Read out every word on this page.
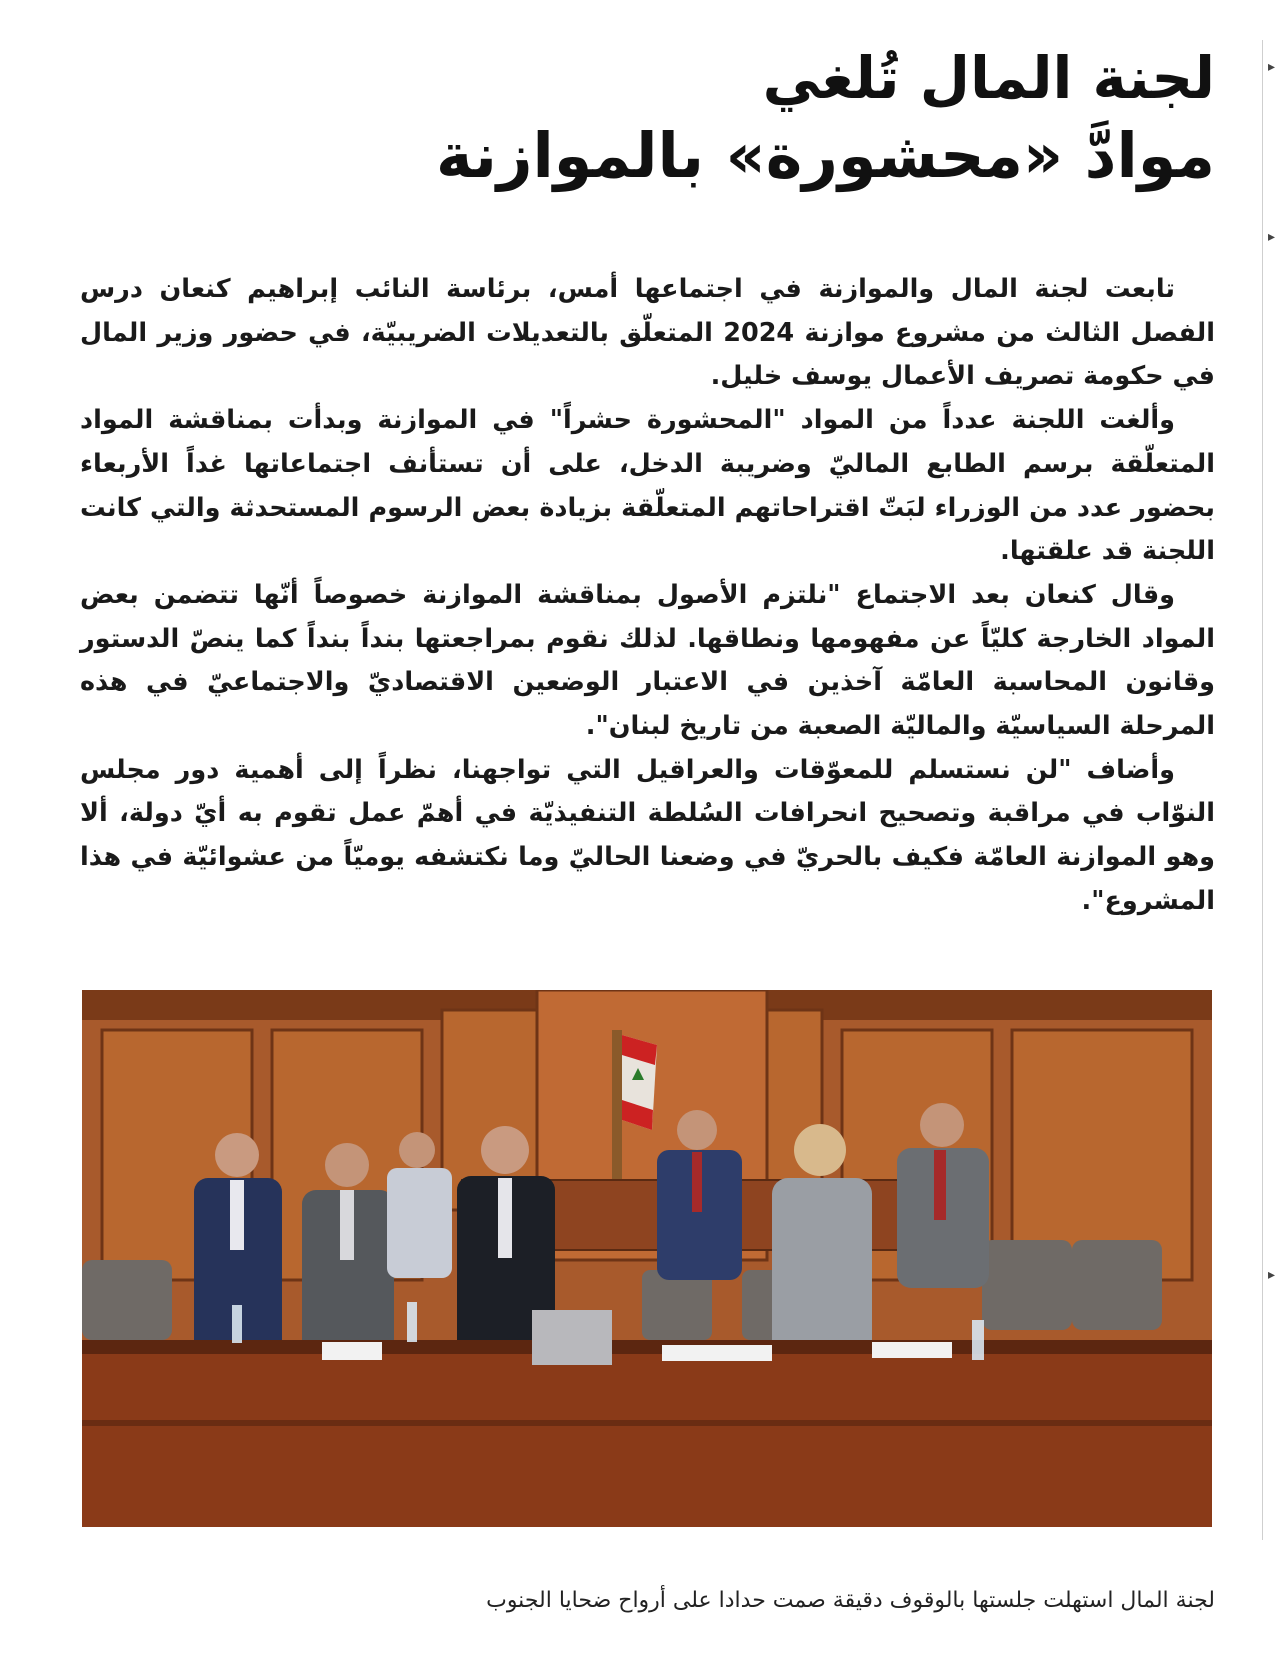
▸
▸
▸
لجنة المال تُلغي
موادَّ «محشورة» بالموازنة

تابعت لجنة المال والموازنة في اجتماعها أمس، برئاسة النائب إبراهيم كنعان درس الفصل الثالث من مشروع موازنة 2024 المتعلّق بالتعديلات الضريبيّة، في حضور وزير المال في حكومة تصريف الأعمال يوسف خليل.

وألغت اللجنة عدداً من المواد "المحشورة حشراً" في الموازنة وبدأت بمناقشة المواد المتعلّقة برسم الطابع الماليّ وضريبة الدخل، على أن تستأنف اجتماعاتها غداً الأربعاء بحضور عدد من الوزراء لبَتّ اقتراحاتهم المتعلّقة بزيادة بعض الرسوم المستحدثة والتي كانت اللجنة قد علقتها.

وقال كنعان بعد الاجتماع "نلتزم الأصول بمناقشة الموازنة خصوصاً أنّها تتضمن بعض المواد الخارجة كليّاً عن مفهومها ونطاقها. لذلك نقوم بمراجعتها بنداً بنداً كما ينصّ الدستور وقانون المحاسبة العامّة آخذين في الاعتبار الوضعين الاقتصاديّ والاجتماعيّ في هذه المرحلة السياسيّة والماليّة الصعبة من تاريخ لبنان".

وأضاف "لن نستسلم للمعوّقات والعراقيل التي تواجهنا، نظراً إلى أهمية دور مجلس النوّاب في مراقبة وتصحيح انحرافات السُلطة التنفيذيّة في أهمّ عمل تقوم به أيّ دولة، ألا وهو الموازنة العامّة فكيف بالحريّ في وضعنا الحاليّ وما نكتشفه يوميّاً من عشوائيّة في هذا المشروع".

لجنة المال استهلت جلستها بالوقوف دقيقة صمت حدادا على أرواح ضحايا الجنوب
